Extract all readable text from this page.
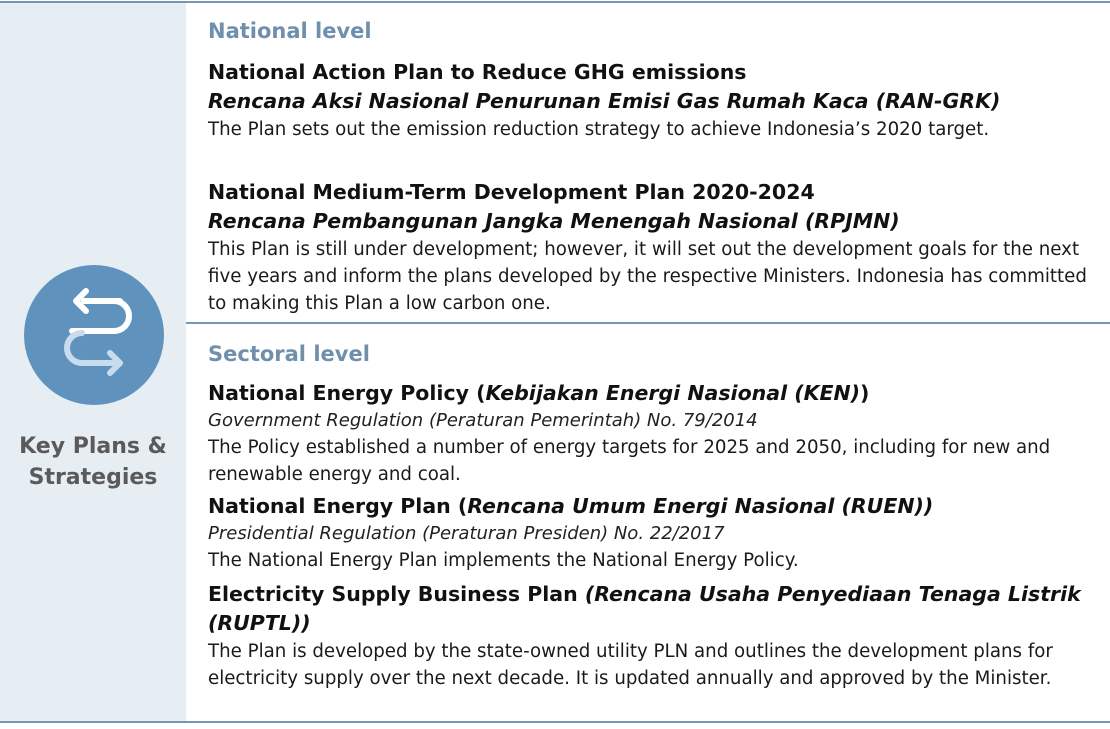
Key Plans &
Strategies
National level

National Action Plan to Reduce GHG emissions

Rencana Aksi Nasional Penurunan Emisi Gas Rumah Kaca (RAN-GRK)

The Plan sets out the emission reduction strategy to achieve Indonesia’s 2020 target.

National Medium-Term Development Plan 2020-2024

Rencana Pembangunan Jangka Menengah Nasional (RPJMN)

This Plan is still under development; however, it will set out the development goals for the next five years and inform the plans developed by the respective Ministers. Indonesia has committed to making this Plan a low carbon one.

Sectoral level

National Energy Policy (Kebijakan Energi Nasional (KEN))

Government Regulation (Peraturan Pemerintah) No. 79/2014

The Policy established a number of energy targets for 2025 and 2050, including for new and renewable energy and coal.

National Energy Plan (Rencana Umum Energi Nasional (RUEN))

Presidential Regulation (Peraturan Presiden) No. 22/2017

The National Energy Plan implements the National Energy Policy.

Electricity Supply Business Plan (Rencana Usaha Penyediaan Tenaga Listrik (RUPTL))

The Plan is developed by the state-owned utility PLN and outlines the development plans for electricity supply over the next decade. It is updated annually and approved by the Minister.
